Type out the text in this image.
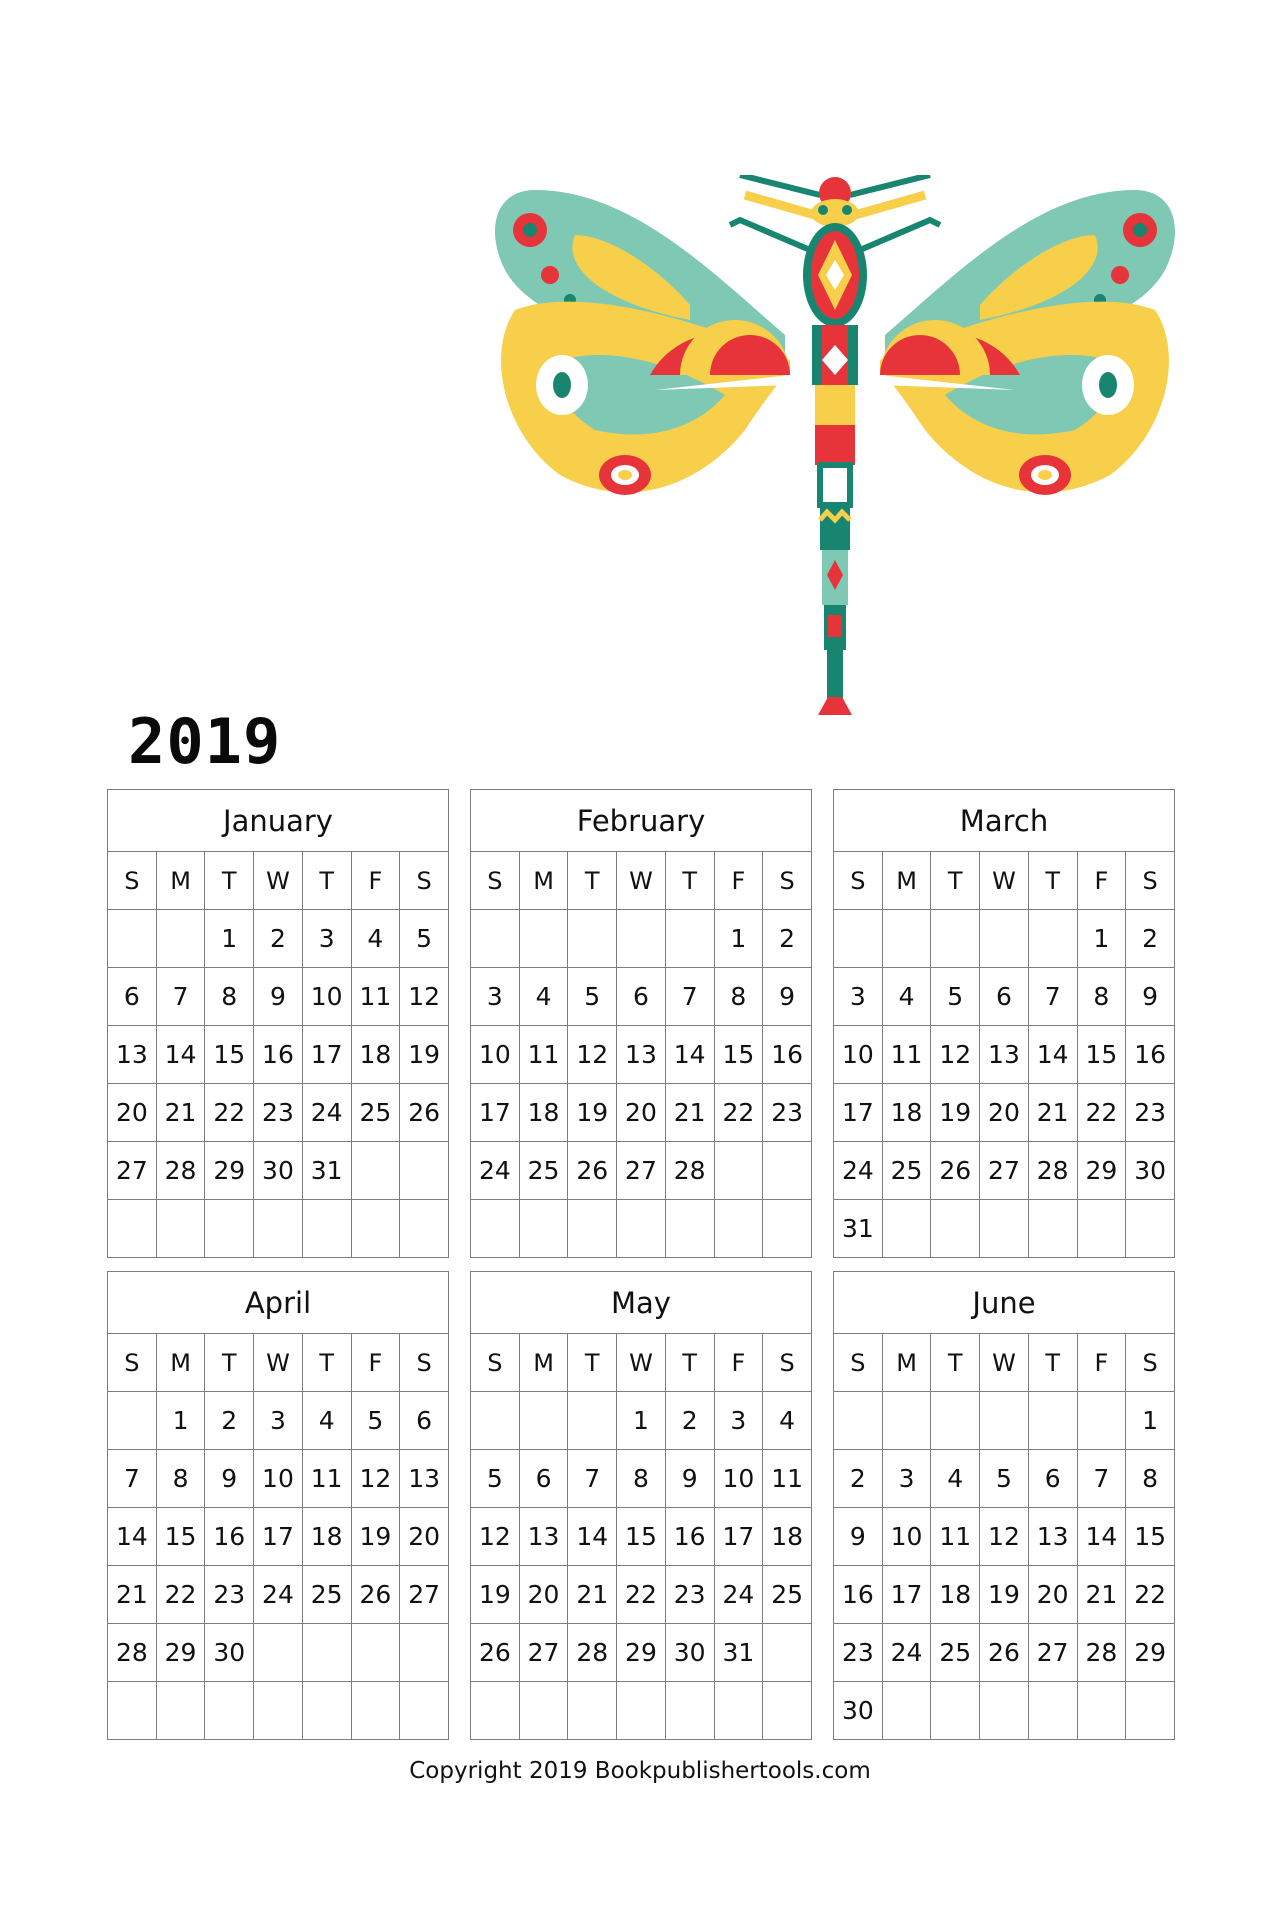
2019
January						
S	M	T	W	T	F	S
		1	2	3	4	5
6	7	8	9	10	11	12
13	14	15	16	17	18	19
20	21	22	23	24	25	26
27	28	29	30	31		

February						
S	M	T	W	T	F	S
					1	2
3	4	5	6	7	8	9
10	11	12	13	14	15	16
17	18	19	20	21	22	23
24	25	26	27	28		

March						
S	M	T	W	T	F	S
					1	2
3	4	5	6	7	8	9
10	11	12	13	14	15	16
17	18	19	20	21	22	23
24	25	26	27	28	29	30
31						
April						
S	M	T	W	T	F	S
	1	2	3	4	5	6
7	8	9	10	11	12	13
14	15	16	17	18	19	20
21	22	23	24	25	26	27
28	29	30				

May						
S	M	T	W	T	F	S
			1	2	3	4
5	6	7	8	9	10	11
12	13	14	15	16	17	18
19	20	21	22	23	24	25
26	27	28	29	30	31	

June						
S	M	T	W	T	F	S
						1
2	3	4	5	6	7	8
9	10	11	12	13	14	15
16	17	18	19	20	21	22
23	24	25	26	27	28	29
30						
Copyright 2019 Bookpublishertools.com
